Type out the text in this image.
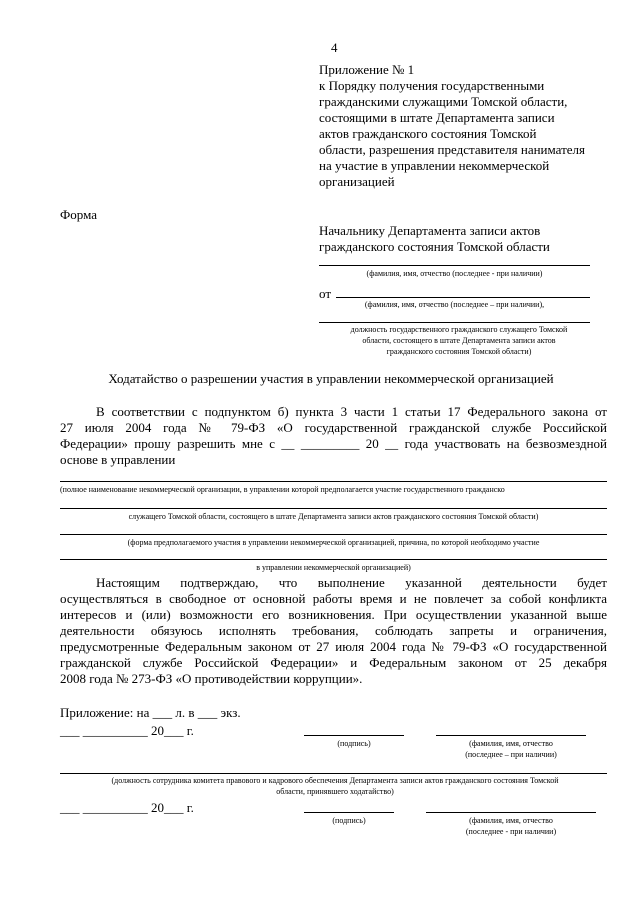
4
Приложение № 1
к Порядку получения государственными
гражданскими служащими Томской области,
состоящими в штате Департамента записи
актов гражданского состояния Томской
области, разрешения представителя нанимателя
на участие в управлении некоммерческой
организацией
Форма
Начальнику Департамента записи актов
гражданского состояния Томской области
(фамилия, имя, отчество (последнее - при наличии)
от
(фамилия, имя, отчество (последнее – при наличии),
должность государственного гражданского служащего Томской
области, состоящего в штате Департамента записи актов
гражданского состояния Томской области)
Ходатайство о разрешении участия в управлении некоммерческой организацией
В соответствии с подпунктом б) пункта 3 части 1 статьи 17 Федерального закона от
27 июля 2004 года № 79-ФЗ «О государственной гражданской службе Российской
Федерации» прошу разрешить мне с __ _________ 20 __ года участвовать на безвозмездной
основе в управлении
(полное наименование некоммерческой организации, в управлении которой предполагается участие государственного гражданско
служащего Томской области, состоящего в штате Департамента записи актов гражданского состояния Томской области)
(форма предполагаемого участия в управлении некоммерческой организацией, причина, по которой необходимо участие
в управлении некоммерческой организацией)
Настоящим подтверждаю, что выполнение указанной деятельности будет
осуществляться в свободное от основной работы время и не повлечет за собой конфликта
интересов и (или) возможности его возникновения. При осуществлении указанной выше
деятельности обязуюсь исполнять требования, соблюдать запреты и ограничения,
предусмотренные Федеральным законом от 27 июля 2004 года № 79-ФЗ «О государственной
гражданской службе Российской Федерации» и Федеральным законом от 25 декабря
2008 года № 273-ФЗ «О противодействии коррупции».
Приложение: на ___ л. в ___ экз.
___ __________ 20___ г.
(подпись)	(фамилия, имя, отчество
(последнее – при наличии)
(должность сотрудника комитета правового и кадрового обеспечения Департамента записи актов гражданского состояния Томской
области, принявшего ходатайство)
___ __________ 20___ г.
(подпись)	(фамилия, имя, отчество
(последнее - при наличии)
